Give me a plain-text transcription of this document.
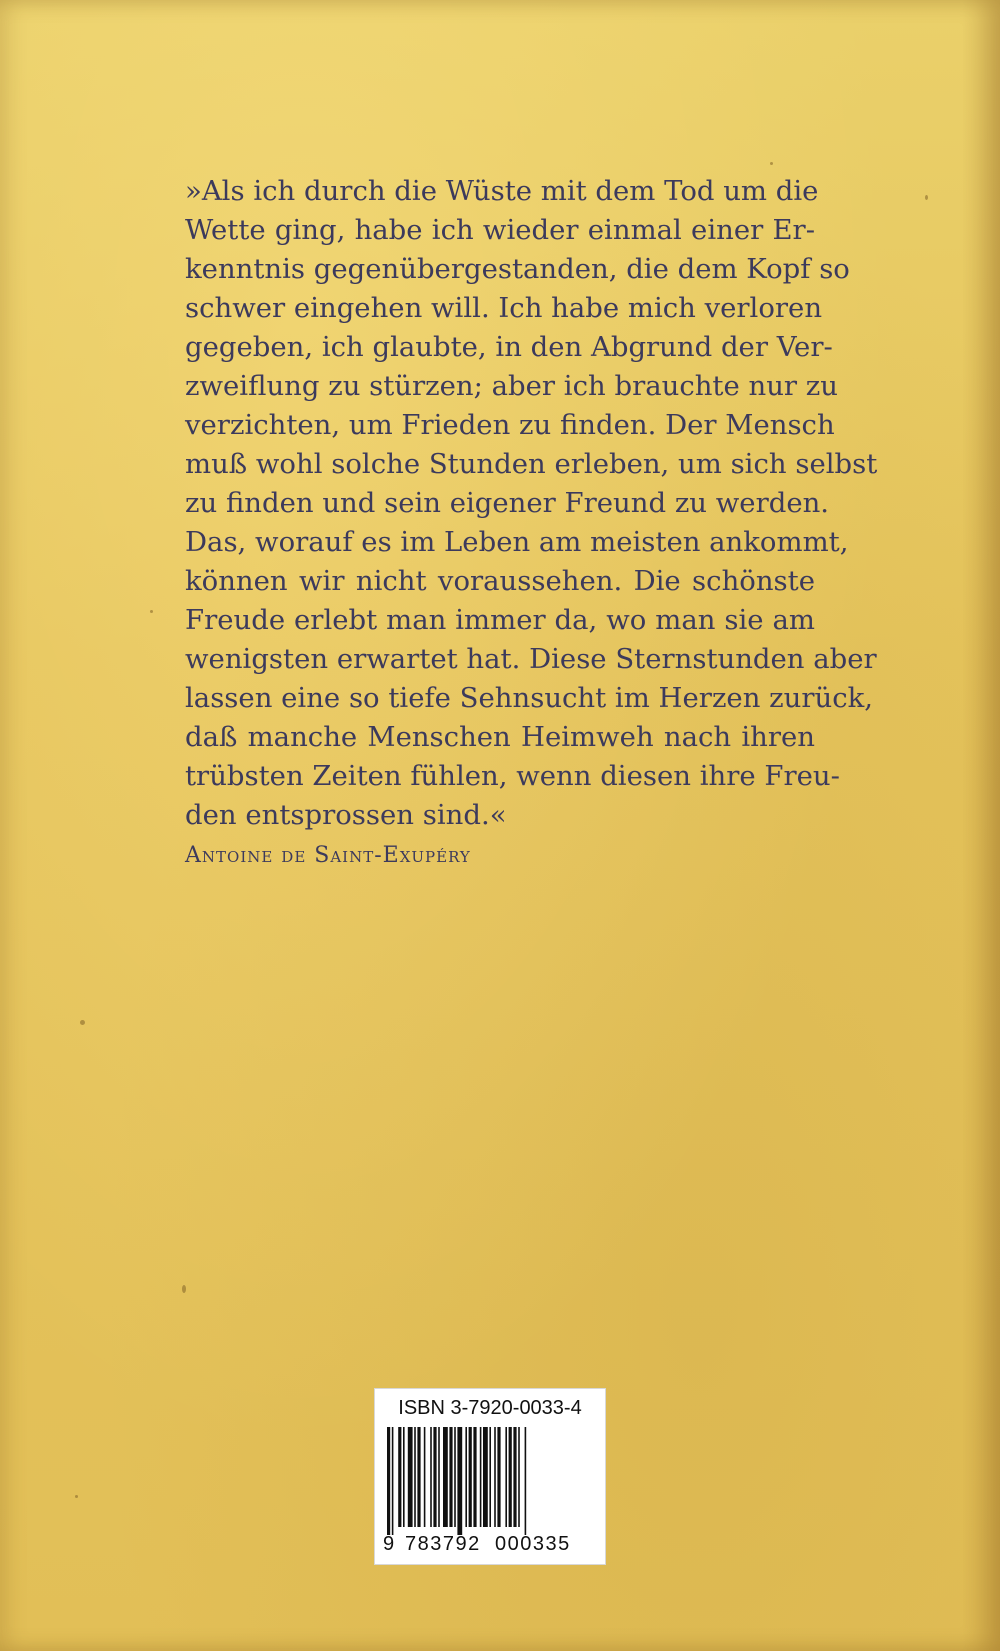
»Als ich durch die Wüste mit dem Tod um die
Wette ging, habe ich wieder einmal einer Er-
kenntnis gegenübergestanden, die dem Kopf so
schwer eingehen will. Ich habe mich verloren
gegeben, ich glaubte, in den Abgrund der Ver-
zweiflung zu stürzen; aber ich brauchte nur zu
verzichten, um Frieden zu finden. Der Mensch
muß wohl solche Stunden erleben, um sich selbst
zu finden und sein eigener Freund zu werden.
Das, worauf es im Leben am meisten ankommt,
können wir nicht voraussehen. Die schönste
Freude erlebt man immer da, wo man sie am
wenigsten erwartet hat. Diese Sternstunden aber
lassen eine so tiefe Sehnsucht im Herzen zurück,
daß manche Menschen Heimweh nach ihren
trübsten Zeiten fühlen, wenn diesen ihre Freu-
den entsprossen sind.«
Antoine de Saint-Exupéry
ISBN 3-7920-0033-4
9 783792 000335
